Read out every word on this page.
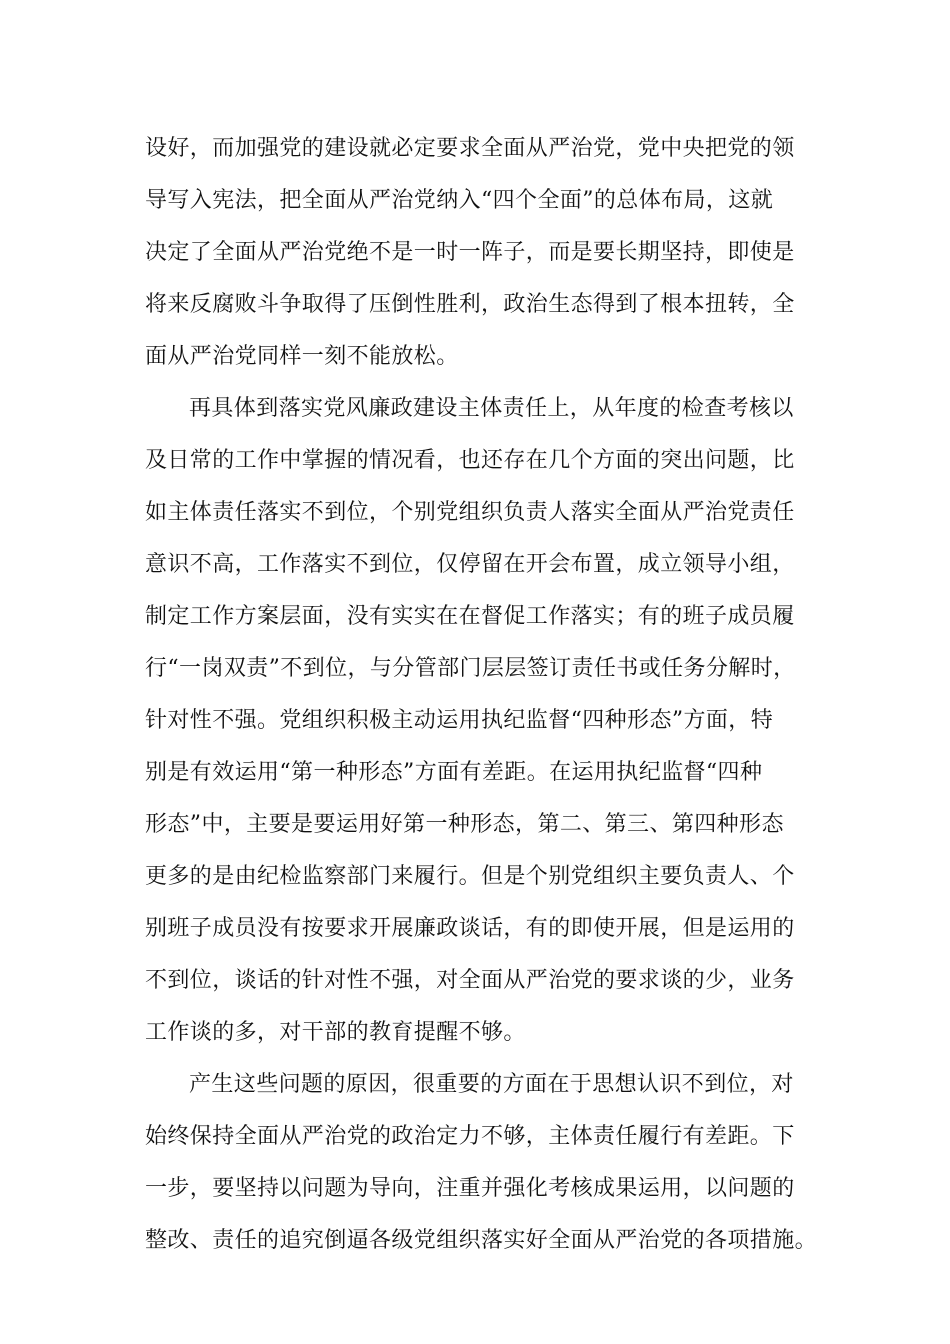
设好，而加强党的建设就必定要求全面从严治党，党中央把党的领
导写入宪法，把全面从严治党纳入“四个全面”的总体布局，这就
决定了全面从严治党绝不是一时一阵子，而是要长期坚持，即使是
将来反腐败斗争取得了压倒性胜利，政治生态得到了根本扭转，全
面从严治党同样一刻不能放松。
再具体到落实党风廉政建设主体责任上，从年度的检查考核以
及日常的工作中掌握的情况看，也还存在几个方面的突出问题，比
如主体责任落实不到位，个别党组织负责人落实全面从严治党责任
意识不高，工作落实不到位，仅停留在开会布置，成立领导小组，
制定工作方案层面，没有实实在在督促工作落实；有的班子成员履
行“一岗双责”不到位，与分管部门层层签订责任书或任务分解时，
针对性不强。党组织积极主动运用执纪监督“四种形态”方面，特
别是有效运用“第一种形态”方面有差距。在运用执纪监督“四种
形态”中，主要是要运用好第一种形态，第二、第三、第四种形态
更多的是由纪检监察部门来履行。但是个别党组织主要负责人、个
别班子成员没有按要求开展廉政谈话，有的即使开展，但是运用的
不到位，谈话的针对性不强，对全面从严治党的要求谈的少，业务
工作谈的多，对干部的教育提醒不够。
产生这些问题的原因，很重要的方面在于思想认识不到位，对
始终保持全面从严治党的政治定力不够，主体责任履行有差距。下
一步，要坚持以问题为导向，注重并强化考核成果运用，以问题的
整改、责任的追究倒逼各级党组织落实好全面从严治党的各项措施。
